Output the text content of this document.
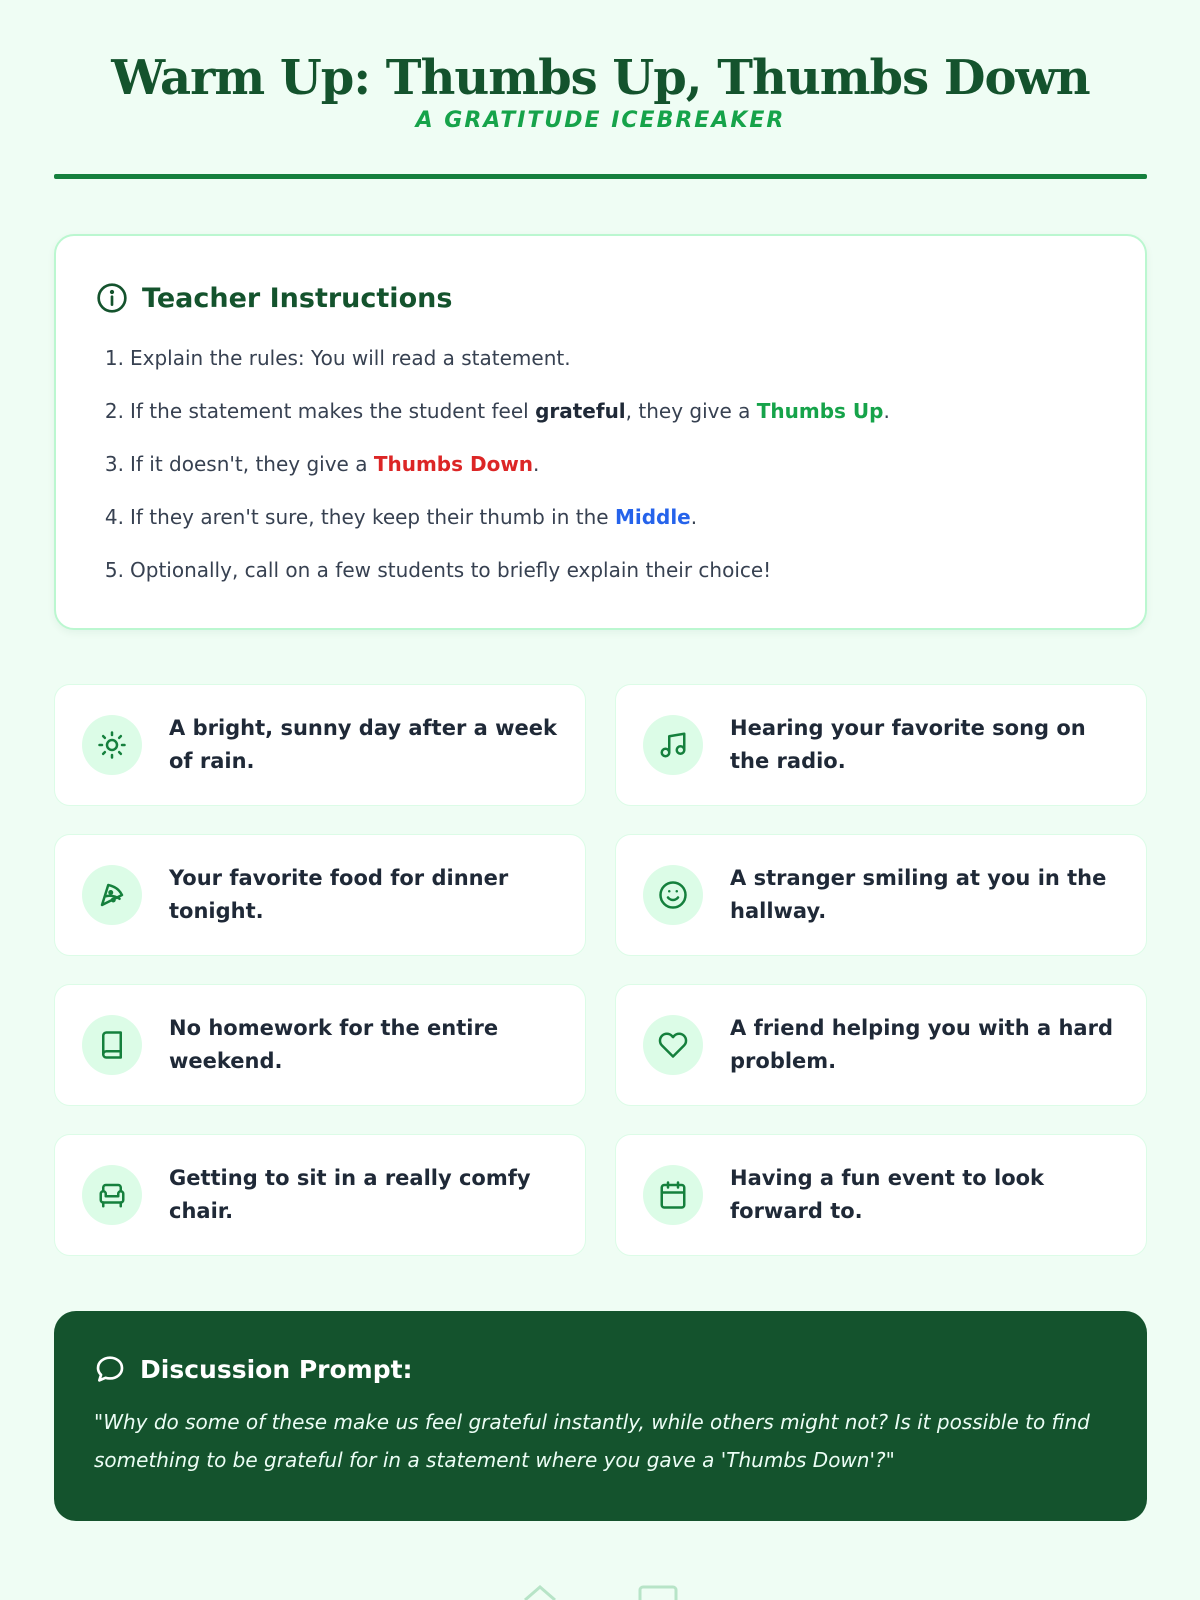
Warm Up: Thumbs Up, Thumbs Down
A GRATITUDE ICEBREAKER
Teacher Instructions
1. Explain the rules: You will read a statement.
2. If the statement makes the student feel grateful, they give a Thumbs Up.
3. If it doesn't, they give a Thumbs Down.
4. If they aren't sure, they keep their thumb in the Middle.
5. Optionally, call on a few students to briefly explain their choice!
A bright, sunny day after a week of rain.
Hearing your favorite song on the radio.
Your favorite food for dinner tonight.
A stranger smiling at you in the hallway.
No homework for the entire weekend.
A friend helping you with a hard problem.
Getting to sit in a really comfy chair.
Having a fun event to look forward to.
Discussion Prompt:
"Why do some of these make us feel grateful instantly, while others might not? Is it possible to find something to be grateful for in a statement where you gave a 'Thumbs Down'?"
